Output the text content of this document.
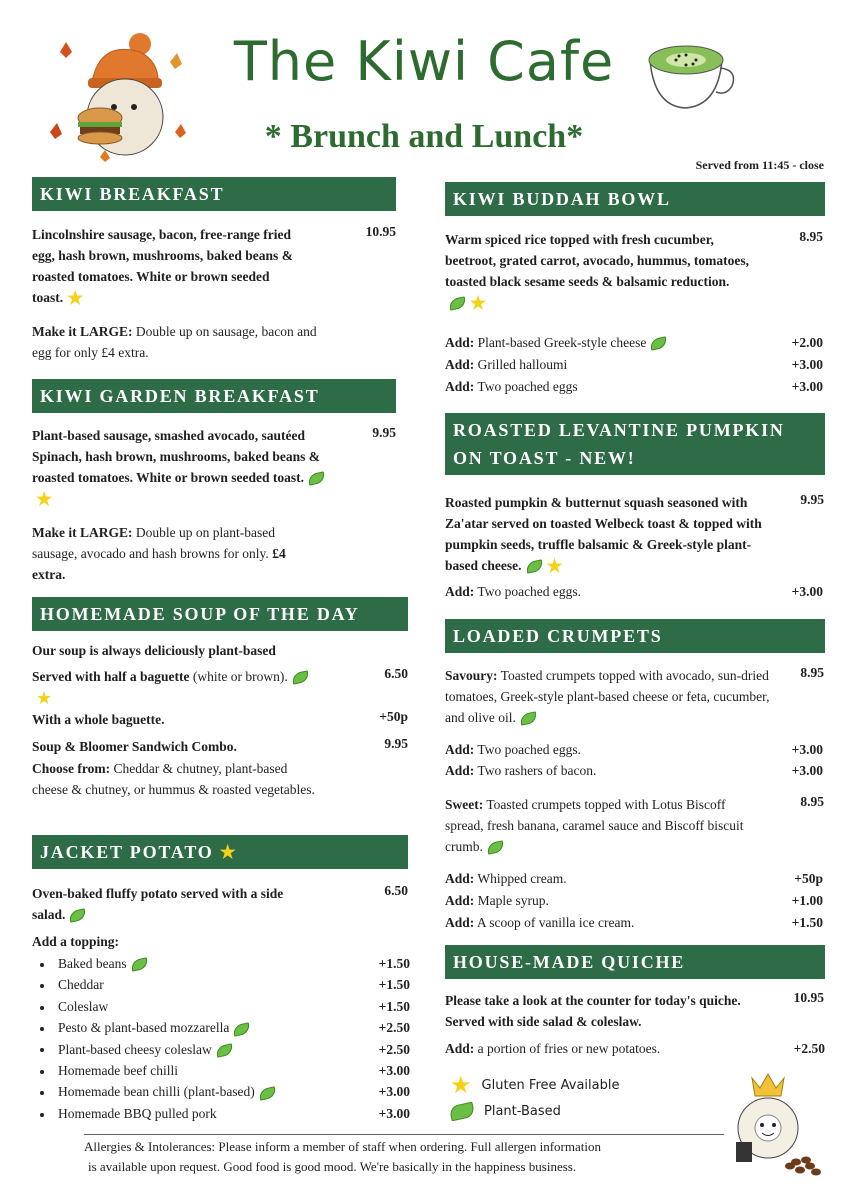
The Kiwi Cafe
* Brunch and Lunch*
Served from 11:45 - close
KIWI BREAKFAST
Lincolnshire sausage, bacon, free-range fried egg, hash brown, mushrooms, baked beans & roasted tomatoes. White or brown seeded toast. ★
10.95
Make it LARGE: Double up on sausage, bacon and egg for only £4 extra.
KIWI GARDEN BREAKFAST
Plant-based sausage, smashed avocado, sautéed Spinach, hash brown, mushrooms, baked beans & roasted tomatoes. White or brown seeded toast.★
9.95
Make it LARGE: Double up on plant-based sausage, avocado and hash browns for only. £4 extra.
HOMEMADE SOUP OF THE DAY
Our soup is always deliciously plant-based
Served with half a baguette (white or brown).★
6.50
With a whole baguette.	+50p
Soup & Bloomer Sandwich Combo.	9.95
Choose from: Cheddar & chutney, plant-based cheese & chutney, or hummus & roasted vegetables.
JACKET POTATO ★
Oven-baked fluffy potato served with a side salad.
6.50
Add a topping:
Baked beans	+1.50
Cheddar	+1.50
Coleslaw	+1.50
Pesto & plant-based mozzarella	+2.50
Plant-based cheesy coleslaw	+2.50
Homemade beef chilli	+3.00
Homemade bean chilli (plant-based)	+3.00
Homemade BBQ pulled pork	+3.00
KIWI BUDDAH BOWL
Warm spiced rice topped with fresh cucumber, beetroot, grated carrot, avocado, hummus, tomatoes, toasted black sesame seeds & balsamic reduction.★
8.95
Add: Plant-based Greek-style cheese	+2.00
Add: Grilled halloumi	+3.00
Add: Two poached eggs	+3.00
ROASTED LEVANTINE PUMPKIN
ON TOAST - NEW!
Roasted pumpkin & butternut squash seasoned with Za'atar served on toasted Welbeck toast & topped with pumpkin seeds, truffle balsamic & Greek-style plant-based cheese. ★
9.95
Add: Two poached eggs.	+3.00
LOADED CRUMPETS
Savoury: Toasted crumpets topped with avocado, sun-dried tomatoes, Greek-style plant-based cheese or feta, cucumber, and olive oil.
8.95
Add: Two poached eggs.	+3.00
Add: Two rashers of bacon.	+3.00
Sweet: Toasted crumpets topped with Lotus Biscoff spread, fresh banana, caramel sauce and Biscoff biscuit crumb.
8.95
Add: Whipped cream.	+50p
Add: Maple syrup.	+1.00
Add: A scoop of vanilla ice cream.	+1.50
HOUSE-MADE QUICHE
Please take a look at the counter for today's quiche. Served with side salad & coleslaw.
10.95
Add: a portion of fries or new potatoes.	+2.50
★ Gluten Free Available
Plant-Based
Allergies & Intolerances: Please inform a member of staff when ordering. Full allergen information
is available upon request. Good food is good mood. We're basically in the happiness business.
